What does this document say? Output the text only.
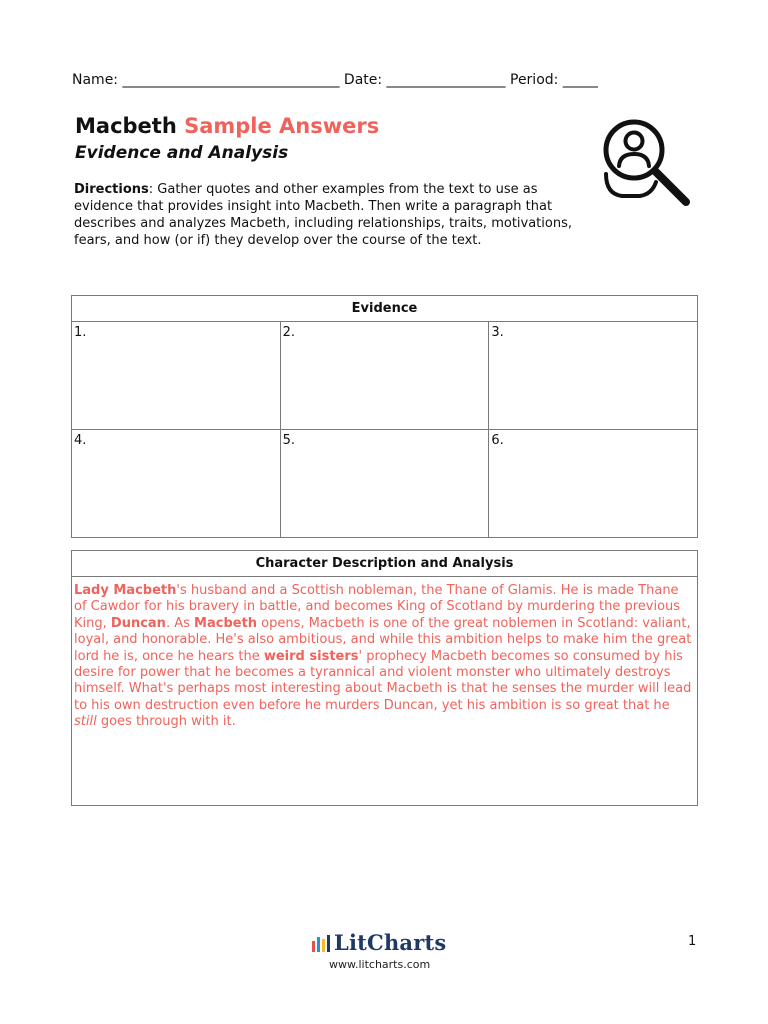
Name: _______________________________ Date: _________________ Period: _____
Macbeth Sample Answers
Evidence and Analysis
Directions: Gather quotes and other examples from the text to use as evidence that provides insight into Macbeth. Then write a paragraph that describes and analyzes Macbeth, including relationships, traits, motivations, fears, and how (or if) they develop over the course of the text.
Evidence		
1.	2.	3.
4.	5.	6.
Character Description and Analysis
Lady Macbeth's husband and a Scottish nobleman, the Thane of Glamis. He is made Thane of Cawdor for his bravery in battle, and becomes King of Scotland by murdering the previous King, Duncan. As Macbeth opens, Macbeth is one of the great noblemen in Scotland: valiant, loyal, and honorable. He's also ambitious, and while this ambition helps to make him the great lord he is, once he hears the weird sisters' prophecy Macbeth becomes so consumed by his desire for power that he becomes a tyrannical and violent monster who ultimately destroys himself. What's perhaps most interesting about Macbeth is that he senses the murder will lead to his own destruction even before he murders Duncan, yet his ambition is so great that he still goes through with it.
LitCharts
www.litcharts.com
1
